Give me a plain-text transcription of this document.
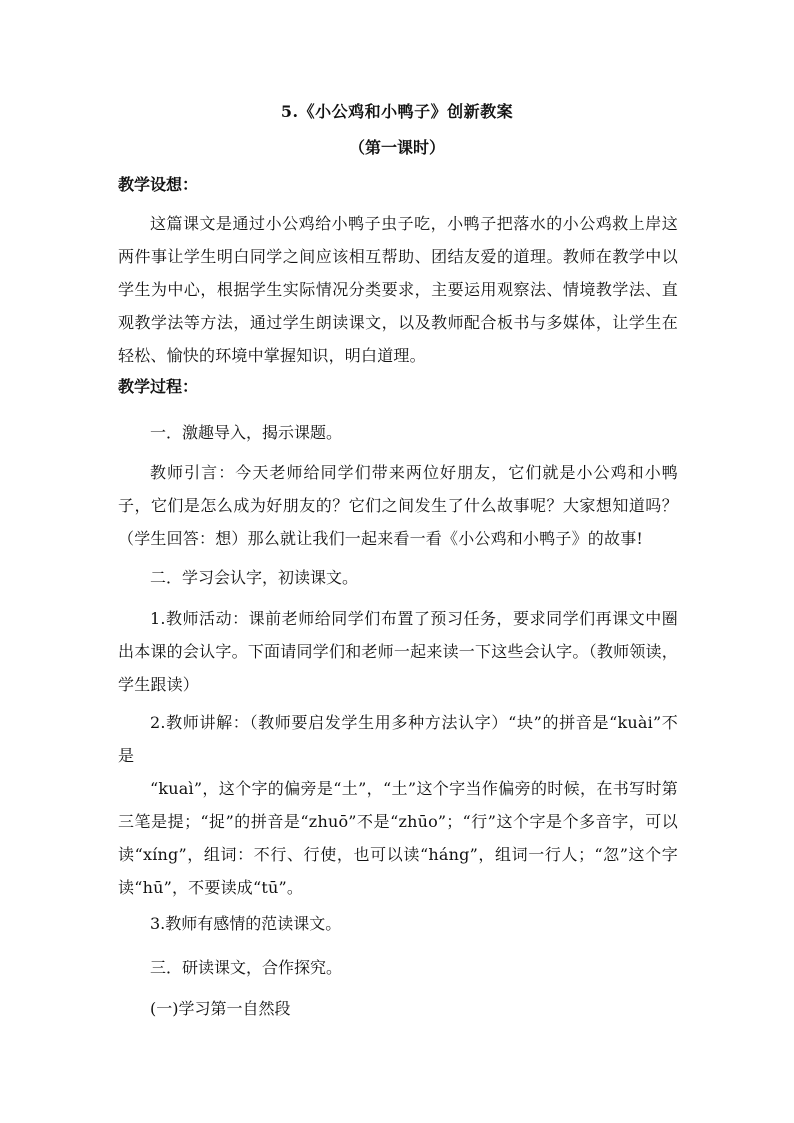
5.《小公鸡和小鸭子》创新教案
（第一课时）
教学设想：
这篇课文是通过小公鸡给小鸭子虫子吃，小鸭子把落水的小公鸡救上岸这两件事让学生明白同学之间应该相互帮助、团结友爱的道理。教师在教学中以学生为中心，根据学生实际情况分类要求，主要运用观察法、情境教学法、直观教学法等方法，通过学生朗读课文，以及教师配合板书与多媒体，让学生在轻松、愉快的环境中掌握知识，明白道理。
教学过程：
一．激趣导入，揭示课题。
教师引言：今天老师给同学们带来两位好朋友，它们就是小公鸡和小鸭子，它们是怎么成为好朋友的？它们之间发生了什么故事呢？大家想知道吗？（学生回答：想）那么就让我们一起来看一看《小公鸡和小鸭子》的故事!
二．学习会认字，初读课文。
1.教师活动：课前老师给同学们布置了预习任务，要求同学们再课文中圈出本课的会认字。下面请同学们和老师一起来读一下这些会认字。（教师领读，学生跟读）
2.教师讲解：（教师要启发学生用多种方法认字）“块”的拼音是“kuài”不是
“kuaì”，这个字的偏旁是“土”，“土”这个字当作偏旁的时候，在书写时第三笔是提；“捉”的拼音是“zhuō”不是“zhūo”；“行”这个字是个多音字，可以读“xíng”，组词：不行、行使，也可以读“háng”，组词一行人；“忽”这个字读“hū”，不要读成“tū”。
3.教师有感情的范读课文。
三．研读课文，合作探究。
(一)学习第一自然段
